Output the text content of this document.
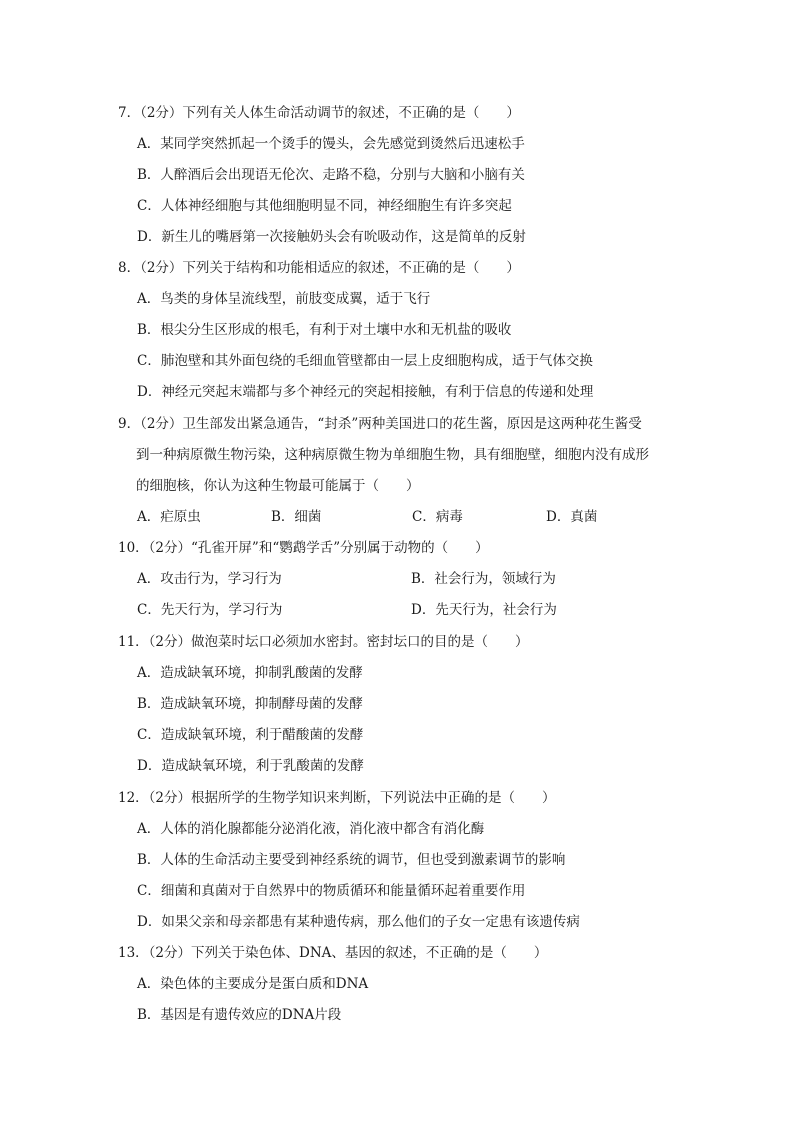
7．（2分）下列有关人体生命活动调节的叙述，不正确的是（　　）
A．某同学突然抓起一个烫手的馒头，会先感觉到烫然后迅速松手
B．人醉酒后会出现语无伦次、走路不稳，分别与大脑和小脑有关
C．人体神经细胞与其他细胞明显不同，神经细胞生有许多突起
D．新生儿的嘴唇第一次接触奶头会有吮吸动作，这是简单的反射
8．（2分）下列关于结构和功能相适应的叙述，不正确的是（　　）
A．鸟类的身体呈流线型，前肢变成翼，适于飞行
B．根尖分生区形成的根毛，有利于对土壤中水和无机盐的吸收
C．肺泡壁和其外面包绕的毛细血管壁都由一层上皮细胞构成，适于气体交换
D．神经元突起末端都与多个神经元的突起相接触，有利于信息的传递和处理
9．（2分）卫生部发出紧急通告，“封杀”两种美国进口的花生酱，原因是这两种花生酱受
到一种病原微生物污染，这种病原微生物为单细胞生物，具有细胞壁，细胞内没有成形
的细胞核，你认为这种生物最可能属于（　　）
A．疟原虫	B．细菌	C．病毒	D．真菌
10．（2分）“孔雀开屏”和“鹦鹉学舌”分别属于动物的（　　）
A．攻击行为，学习行为	B．社会行为，领域行为
C．先天行为，学习行为	D．先天行为，社会行为
11．（2分）做泡菜时坛口必须加水密封。密封坛口的目的是（　　）
A．造成缺氧环境，抑制乳酸菌的发酵
B．造成缺氧环境，抑制酵母菌的发酵
C．造成缺氧环境，利于醋酸菌的发酵
D．造成缺氧环境，利于乳酸菌的发酵
12．（2分）根据所学的生物学知识来判断，下列说法中正确的是（　　）
A．人体的消化腺都能分泌消化液，消化液中都含有消化酶
B．人体的生命活动主要受到神经系统的调节，但也受到激素调节的影响
C．细菌和真菌对于自然界中的物质循环和能量循环起着重要作用
D．如果父亲和母亲都患有某种遗传病，那么他们的子女一定患有该遗传病
13．（2分）下列关于染色体、DNA、基因的叙述，不正确的是（　　）
A．染色体的主要成分是蛋白质和DNA
B．基因是有遗传效应的DNA片段
